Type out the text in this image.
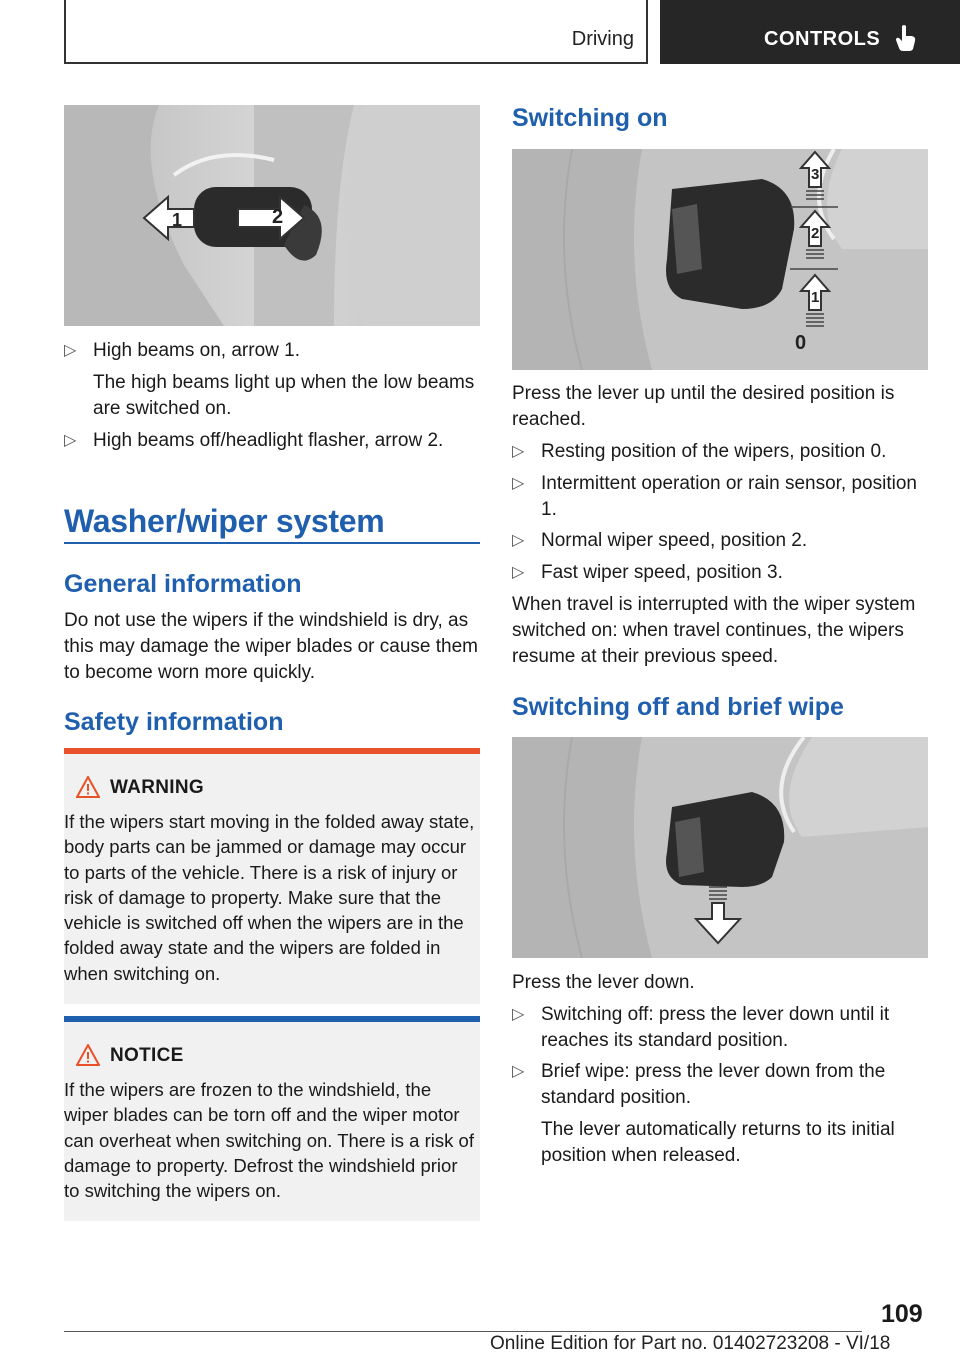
Driving	CONTROLS
1	2
▷ High beams on, arrow 1.
The high beams light up when the low beams are switched on.
▷ High beams off/headlight flasher, arrow 2.
Washer/wiper system
General information
Do not use the wipers if the windshield is dry, as this may damage the wiper blades or cause them to become worn more quickly.
Safety information
WARNING
If the wipers start moving in the folded away state, body parts can be jammed or damage may occur to parts of the vehicle. There is a risk of injury or risk of damage to property. Make sure that the vehicle is switched off when the wipers are in the folded away state and the wipers are folded in when switching on.
NOTICE
If the wipers are frozen to the windshield, the wiper blades can be torn off and the wiper motor can overheat when switching on. There is a risk of damage to property. Defrost the windshield prior to switching the wipers on.
Switching on
3
2
1
0
Press the lever up until the desired position is reached.
▷ Resting position of the wipers, position 0.
▷ Intermittent operation or rain sensor, position 1.
▷ Normal wiper speed, position 2.
▷ Fast wiper speed, position 3.
When travel is interrupted with the wiper system switched on: when travel continues, the wipers resume at their previous speed.
Switching off and brief wipe
Press the lever down.
▷ Switching off: press the lever down until it reaches its standard position.
▷ Brief wipe: press the lever down from the standard position.
The lever automatically returns to its initial position when released.
109
Online Edition for Part no. 01402723208 - VI/18
